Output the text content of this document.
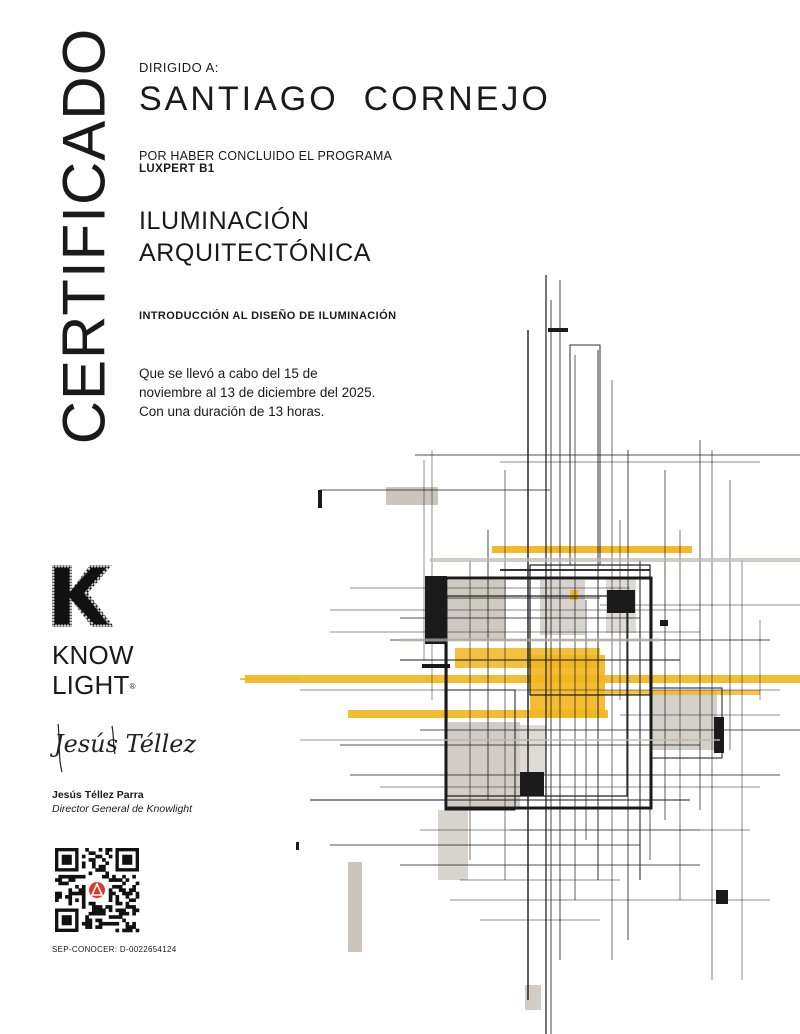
CERTIFICADO DIRIGIDO A:
SANTIAGO  CORNEJO
POR HABER CONCLUIDO EL PROGRAMA
LUXPERT B1
ILUMINACIÓN
ARQUITECTÓNICA
INTRODUCCIÓN AL DISEÑO DE ILUMINACIÓN
Que se llevó a cabo del 15 de noviembre al 13 de diciembre del 2025. Con una duración de 13 horas.
KNOW
LIGHT®
Jesús Téllez
Jesús Téllez Parra
Director General de Knowlight
SEP-CONOCER: D-0022654124
